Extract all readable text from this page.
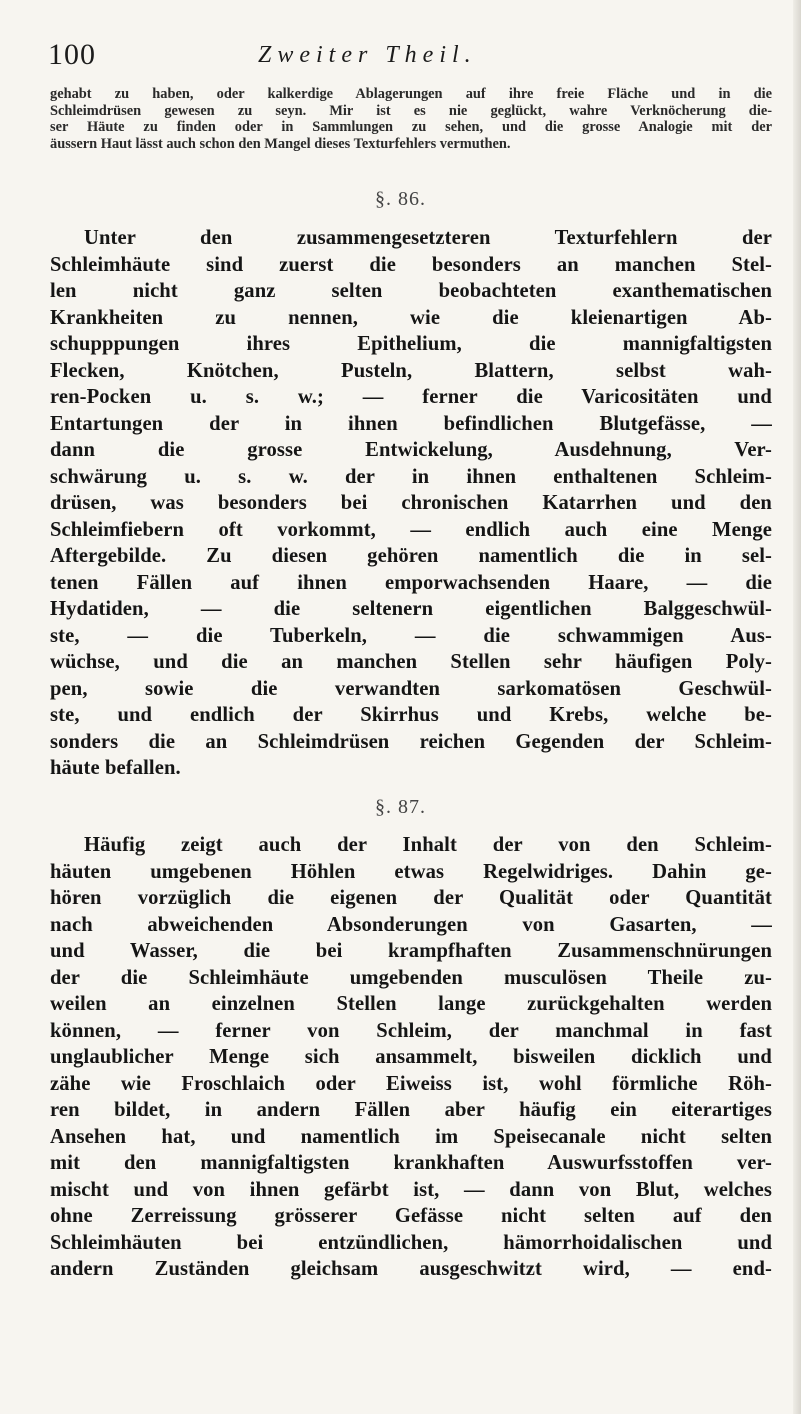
100	Zweiter Theil.
gehabt zu haben, oder kalkerdige Ablagerungen auf ihre freie Fläche und in die
Schleimdrüsen gewesen zu seyn. Mir ist es nie geglückt, wahre Verknöcherung die-
ser Häute zu finden oder in Sammlungen zu sehen, und die grosse Analogie mit der
äussern Haut lässt auch schon den Mangel dieses Texturfehlers vermuthen.
§. 86.
Unter den zusammengesetzteren Texturfehlern der
Schleimhäute sind zuerst die besonders an manchen Stel-
len nicht ganz selten beobachteten exanthematischen
Krankheiten zu nennen, wie die kleienartigen Ab-
schupppungen ihres Epithelium, die mannigfaltigsten
Flecken, Knötchen, Pusteln, Blattern, selbst wah-
ren-Pocken u. s. w.; — ferner die Varicositäten und
Entartungen der in ihnen befindlichen Blutgefässe, —
dann die grosse Entwickelung, Ausdehnung, Ver-
schwärung u. s. w. der in ihnen enthaltenen Schleim-
drüsen, was besonders bei chronischen Katarrhen und den
Schleimfiebern oft vorkommt, — endlich auch eine Menge
Aftergebilde. Zu diesen gehören namentlich die in sel-
tenen Fällen auf ihnen emporwachsenden Haare, — die
Hydatiden, — die seltenern eigentlichen Balggeschwül-
ste, — die Tuberkeln, — die schwammigen Aus-
wüchse, und die an manchen Stellen sehr häufigen Poly-
pen, sowie die verwandten sarkomatösen Geschwül-
ste, und endlich der Skirrhus und Krebs, welche be-
sonders die an Schleimdrüsen reichen Gegenden der Schleim-
häute befallen.
§. 87.
Häufig zeigt auch der Inhalt der von den Schleim-
häuten umgebenen Höhlen etwas Regelwidriges. Dahin ge-
hören vorzüglich die eigenen der Qualität oder Quantität
nach abweichenden Absonderungen von Gasarten, —
und Wasser, die bei krampfhaften Zusammenschnürungen
der die Schleimhäute umgebenden musculösen Theile zu-
weilen an einzelnen Stellen lange zurückgehalten werden
können, — ferner von Schleim, der manchmal in fast
unglaublicher Menge sich ansammelt, bisweilen dicklich und
zähe wie Froschlaich oder Eiweiss ist, wohl förmliche Röh-
ren bildet, in andern Fällen aber häufig ein eiterartiges
Ansehen hat, und namentlich im Speisecanale nicht selten
mit den mannigfaltigsten krankhaften Auswurfsstoffen ver-
mischt und von ihnen gefärbt ist, — dann von Blut, welches
ohne Zerreissung grösserer Gefässe nicht selten auf den
Schleimhäuten bei entzündlichen, hämorrhoidalischen und
andern Zuständen gleichsam ausgeschwitzt wird, — end-
